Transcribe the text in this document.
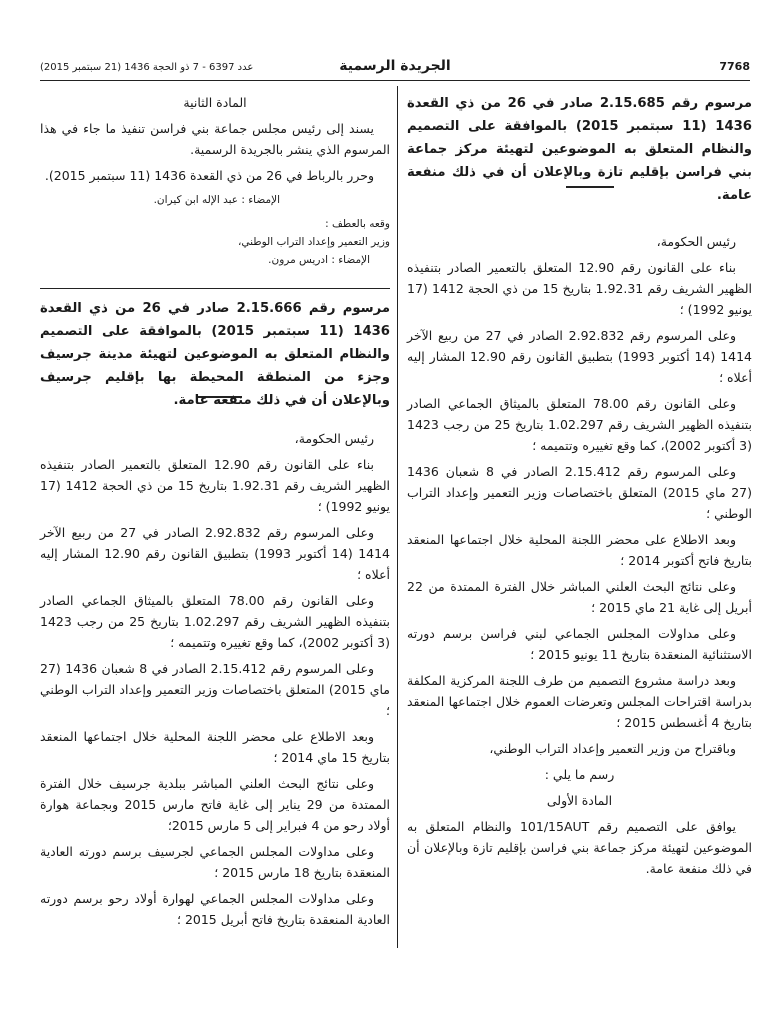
7768
الجريدة الرسمية
عدد 6397 - 7 ذو الحجة 1436 (21 سبتمبر 2015)

مرسوم رقم 2.15.685 صادر في 26 من ذي القعدة 1436 (11 سبتمبر 2015) بالموافقة على التصميم والنظام المتعلق به الموضوعين لتهيئة مركز جماعة بني فراسن بإقليم تازة وبالإعلان أن في ذلك منفعة عامة.

رئيس الحكومة،

بناء على القانون رقم 12.90 المتعلق بالتعمير الصادر بتنفيذه الظهير الشريف رقم 1.92.31 بتاريخ 15 من ذي الحجة 1412 (17 يونيو 1992) ؛

وعلى المرسوم رقم 2.92.832 الصادر في 27 من ربيع الآخر 1414 (14 أكتوبر 1993) بتطبيق القانون رقم 12.90 المشار إليه أعلاه ؛

وعلى القانون رقم 78.00 المتعلق بالميثاق الجماعي الصادر بتنفيذه الظهير الشريف رقم 1.02.297 بتاريخ 25 من رجب 1423 (3 أكتوبر 2002)، كما وقع تغييره وتتميمه ؛

وعلى المرسوم رقم 2.15.412 الصادر في 8 شعبان 1436 (27 ماي 2015) المتعلق باختصاصات وزير التعمير وإعداد التراب الوطني ؛

وبعد الاطلاع على محضر اللجنة المحلية خلال اجتماعها المنعقد بتاريخ فاتح أكتوبر 2014 ؛

وعلى نتائج البحث العلني المباشر خلال الفترة الممتدة من 22 أبريل إلى غاية 21 ماي 2015 ؛

وعلى مداولات المجلس الجماعي لبني فراسن برسم دورته الاستثنائية المنعقدة بتاريخ 11 يونيو 2015 ؛

وبعد دراسة مشروع التصميم من طرف اللجنة المركزية المكلفة بدراسة اقتراحات المجلس وتعرضات العموم خلال اجتماعها المنعقد بتاريخ 4 أغسطس 2015 ؛

وباقتراح من وزير التعمير وإعداد التراب الوطني،

رسم ما يلي :

المادة الأولى

يوافق على التصميم رقم 101/15AUT والنظام المتعلق به الموضوعين لتهيئة مركز جماعة بني فراسن بإقليم تازة وبالإعلان أن في ذلك منفعة عامة.

المادة الثانية

يسند إلى رئيس مجلس جماعة بني فراسن تنفيذ ما جاء في هذا المرسوم الذي ينشر بالجريدة الرسمية.

وحرر بالرباط في 26 من ذي القعدة 1436 (11 سبتمبر 2015).

الإمضاء : عبد الإله ابن كيران.

وقعه بالعطف :

وزير التعمير وإعداد التراب الوطني،

الإمضاء : ادريس مرون.

مرسوم رقم 2.15.666 صادر في 26 من ذي القعدة 1436 (11 سبتمبر 2015) بالموافقة على التصميم والنظام المتعلق به الموضوعين لتهيئة مدينة جرسيف وجزء من المنطقة المحيطة بها بإقليم جرسيف وبالإعلان أن في ذلك منفعة عامة.

رئيس الحكومة،

بناء على القانون رقم 12.90 المتعلق بالتعمير الصادر بتنفيذه الظهير الشريف رقم 1.92.31 بتاريخ 15 من ذي الحجة 1412 (17 يونيو 1992) ؛

وعلى المرسوم رقم 2.92.832 الصادر في 27 من ربيع الآخر 1414 (14 أكتوبر 1993) بتطبيق القانون رقم 12.90 المشار إليه أعلاه ؛

وعلى القانون رقم 78.00 المتعلق بالميثاق الجماعي الصادر بتنفيذه الظهير الشريف رقم 1.02.297 بتاريخ 25 من رجب 1423 (3 أكتوبر 2002)، كما وقع تغييره وتتميمه ؛

وعلى المرسوم رقم 2.15.412 الصادر في 8 شعبان 1436 (27 ماي 2015) المتعلق باختصاصات وزير التعمير وإعداد التراب الوطني ؛

وبعد الاطلاع على محضر اللجنة المحلية خلال اجتماعها المنعقد بتاريخ 15 ماي 2014 ؛

وعلى نتائج البحث العلني المباشر ببلدية جرسيف خلال الفترة الممتدة من 29 يناير إلى غاية فاتح مارس 2015 وبجماعة هوارة أولاد رحو من 4 فبراير إلى 5 مارس 2015؛

وعلى مداولات المجلس الجماعي لجرسيف برسم دورته العادية المنعقدة بتاريخ 18 مارس 2015 ؛

وعلى مداولات المجلس الجماعي لهوارة أولاد رحو برسم دورته العادية المنعقدة بتاريخ فاتح أبريل 2015 ؛
